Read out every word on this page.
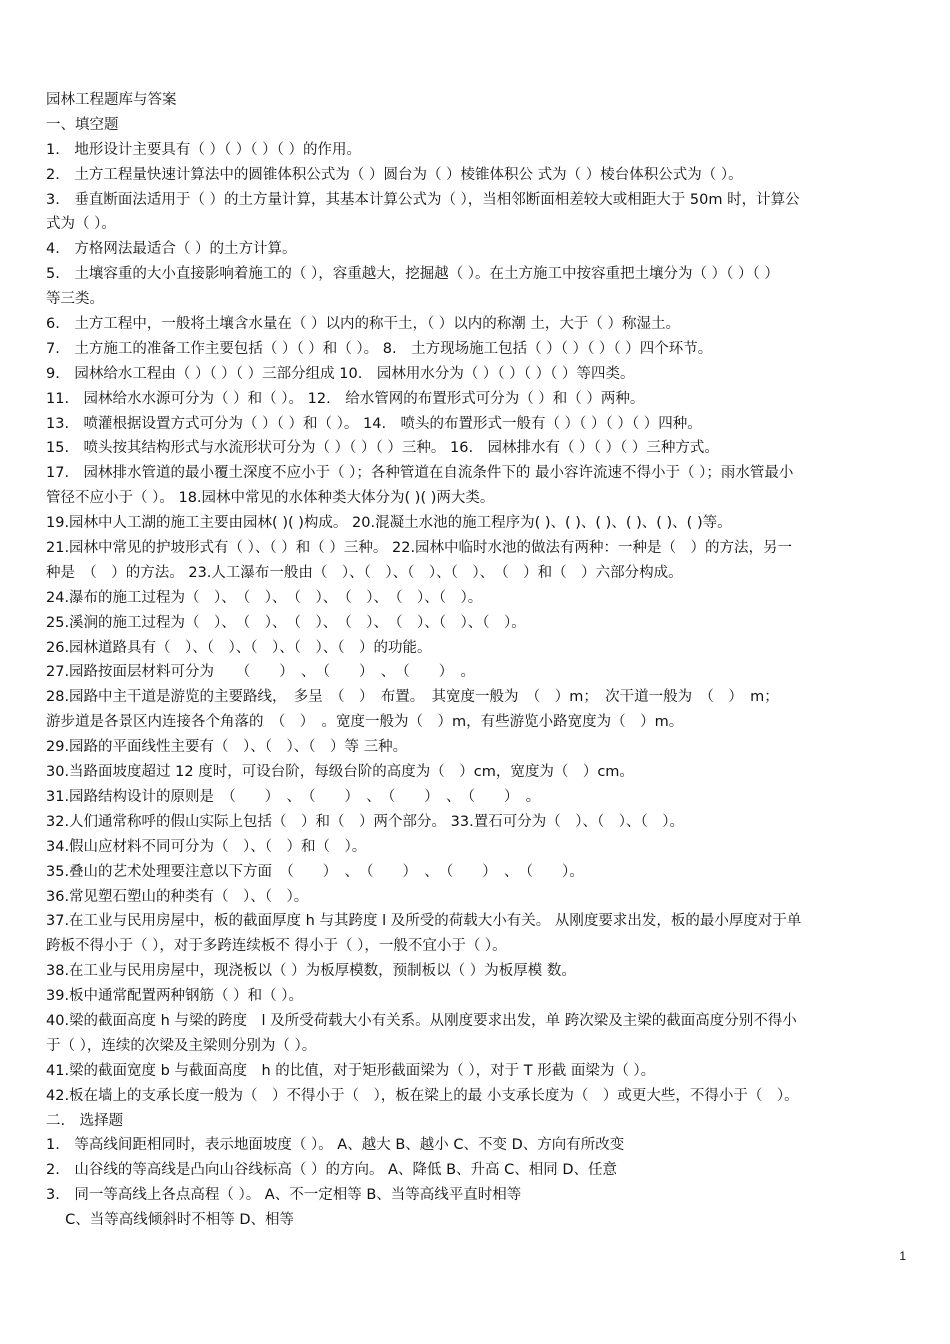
园林工程题库与答案
一、填空题
1.　地形设计主要具有（ ）（ ）（ ）（ ）的作用。
2.　土方工程量快速计算法中的圆锥体积公式为（ ）圆台为（ ）棱锥体积公 式为（ ）棱台体积公式为（ ）。
3.　垂直断面法适用于（ ）的土方量计算，其基本计算公式为（ ），当相邻断面相差较大或相距大于 50m 时，计算公
式为（ ）。
4.　方格网法最适合（ ）的土方计算。
5.　土壤容重的大小直接影响着施工的（ ），容重越大，挖掘越（ ）。在土方施工中按容重把土壤分为（ ）（ ）（ ）
等三类。
6.　土方工程中，一般将土壤含水量在（ ）以内的称干土，（ ）以内的称潮 土，大于（ ）称湿土。
7.　土方施工的准备工作主要包括（ ）（ ）和（ ）。 8.　土方现场施工包括（ ）（ ）（ ）（ ）四个环节。
9.　园林给水工程由（ ）（ ）（ ）三部分组成 10.　园林用水分为（ ）（ ）（ ）（ ）等四类。
11.　园林给水水源可分为（ ）和（ ）。 12.　给水管网的布置形式可分为（ ）和（ ）两种。
13.　喷灌根据设置方式可分为（ ）（ ）和（ ）。 14.　喷头的布置形式一般有（ ）（ ）（ ）（ ）四种。
15.　喷头按其结构形式与水流形状可分为（ ）（ ）（ ）三种。 16.　园林排水有（ ）（ ）（ ）三种方式。
17.　园林排水管道的最小覆土深度不应小于（ ）；各种管道在自流条件下的 最小容许流速不得小于（ ）；雨水管最小
管径不应小于（ ）。 18.园林中常见的水体种类大体分为( )( )两大类。
19.园林中人工湖的施工主要由园林( )( )构成。 20.混凝土水池的施工程序为( )、( )、( )、( )、( )、( )等。
21.园林中常见的护坡形式有（ ）、（ ）和（ ）三种。 22.园林中临时水池的做法有两种：一种是（　）的方法，另一
种是　（　）的方法。 23.人工瀑布一般由（　）、（　）、（　）、（　）、　（　）和（　）六部分构成。
24.瀑布的施工过程为（　）、　（　）、　（　）、　（　）、　（　）、（　）。
25.溪涧的施工过程为（　）、　（　）、　（　）、　（　）、　（　）、（　）、（　）。
26.园林道路具有（　）、（　）、（　）、（　）、（　）的功能。
27.园路按面层材料可分为　　（　　）　、　（　　）　、　（　　）　。
28.园路中主干道是游览的主要路线，　多呈　（　）　布置。　其宽度一般为　（　）m；　次干道一般为　（　）　m；
游步道是各景区内连接各个角落的　（　）　。宽度一般为（　）m，有些游览小路宽度为（　）m。
29.园路的平面线性主要有（　）、（　）、（　）等 三种。
30.当路面坡度超过 12 度时，可设台阶，每级台阶的高度为（　）cm，宽度为（　）cm。
31.园路结构设计的原则是　（　　）　、　（　　）　、　（　　）　、　（　　）　。
32.人们通常称呼的假山实际上包括（　）和（　）两个部分。 33.置石可分为（　）、（　）、（　）。
34.假山应材料不同可分为（　）、（　）和（　）。
35.叠山的艺术处理要注意以下方面　（　　）　、　（　　）　、　（　　）　、　（　　）。
36.常见塑石塑山的种类有（　）、（　）。
37.在工业与民用房屋中，板的截面厚度 h 与其跨度 l 及所受的荷载大小有关。 从刚度要求出发，板的最小厚度对于单
跨板不得小于（ ），对于多跨连续板不 得小于（ ），一般不宜小于（ ）。
38.在工业与民用房屋中，现浇板以（ ）为板厚模数，预制板以（ ）为板厚模 数。
39.板中通常配置两种钢筋（ ）和（ ）。
40.梁的截面高度 h 与梁的跨度　l 及所受荷载大小有关系。从刚度要求出发，单 跨次梁及主梁的截面高度分别不得小
于（ ），连续的次梁及主梁则分别为（ ）。
41.梁的截面宽度 b 与截面高度　h 的比值，对于矩形截面梁为（ ），对于 T 形截 面梁为（ ）。
42.板在墙上的支承长度一般为（　）不得小于（　），板在梁上的最 小支承长度为（　）或更大些，不得小于（　）。
二.　选择题
1.　等高线间距相同时，表示地面坡度（ ）。 A、越大 B、越小 C、不变 D、方向有所改变
2.　山谷线的等高线是凸向山谷线标高（ ）的方向。 A、降低 B、升高 C、相同 D、任意
3.　同一等高线上各点高程（ ）。 A、不一定相等 B、当等高线平直时相等
　 C、当等高线倾斜时不相等 D、相等
1
